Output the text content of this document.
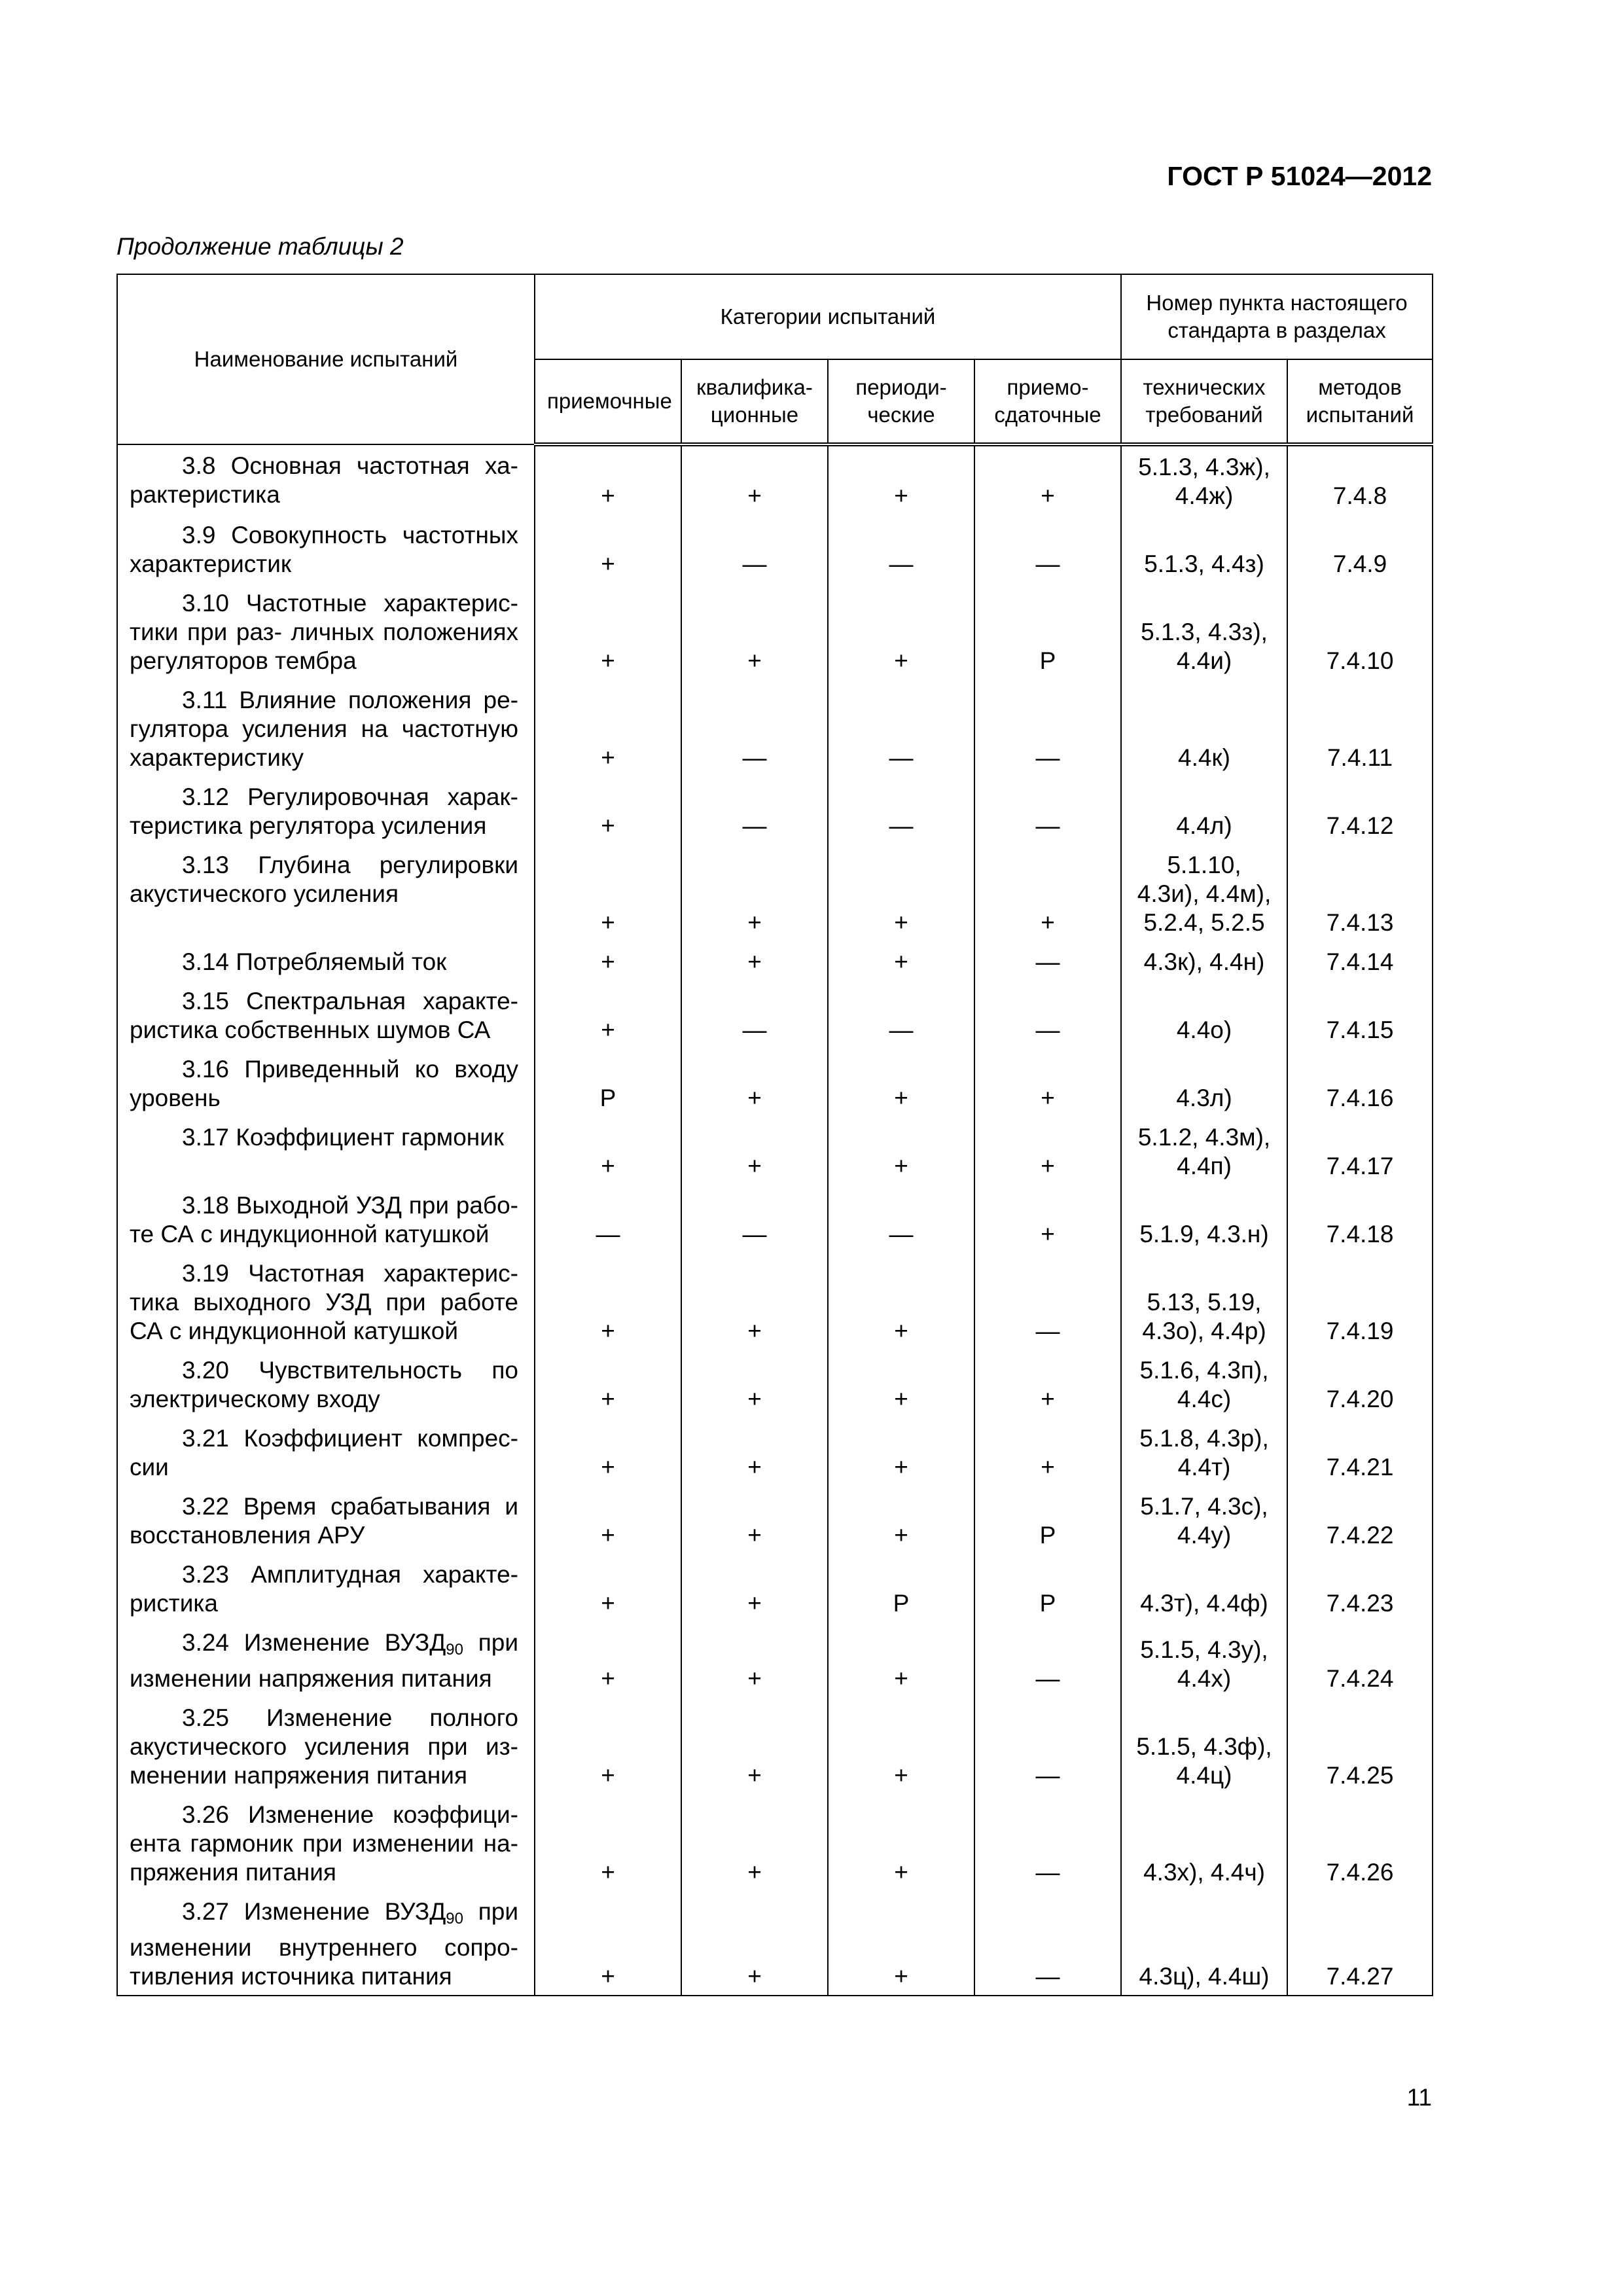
ГОСТ Р 51024—2012
Продолжение таблицы 2
Наименование испытаний	Категории испытаний				Номер пункта настоящего стандарта в разделах	
	приемочные	квалифика-ционные	периоди-ческие	приемо-сдаточные	технических требований	методов испытаний
3.8 Основная частотная ха-рактеристика	+	+	+	+	5.1.3, 4.3ж), 4.4ж)	7.4.8
3.9 Совокупность частотных характеристик	+	—	—	—	5.1.3, 4.4з)	7.4.9
3.10 Частотные характерис-тики при раз- личных положениях регуляторов тембра	+	+	+	Р	5.1.3, 4.3з), 4.4и)	7.4.10
3.11 Влияние положения ре-гулятора усиления на частотную характеристику	+	—	—	—	4.4к)	7.4.11
3.12 Регулировочная харак-теристика регулятора усиления	+	—	—	—	4.4л)	7.4.12
3.13 Глубина регулировки акустического усиления	+	+	+	+	5.1.10, 4.3и), 4.4м), 5.2.4, 5.2.5	7.4.13
3.14 Потребляемый ток	+	+	+	—	4.3к), 4.4н)	7.4.14
3.15 Спектральная характе-ристика собственных шумов СА	+	—	—	—	4.4о)	7.4.15
3.16 Приведенный ко входу уровень	Р	+	+	+	4.3л)	7.4.16
3.17 Коэффициент гармоник	+	+	+	+	5.1.2, 4.3м), 4.4п)	7.4.17
3.18 Выходной УЗД при рабо-те СА с индукционной катушкой	—	—	—	+	5.1.9, 4.3.н)	7.4.18
3.19 Частотная характерис-тика выходного УЗД при работе СА с индукционной катушкой	+	+	+	—	5.13, 5.19, 4.3о), 4.4р)	7.4.19
3.20 Чувствительность по электрическому входу	+	+	+	+	5.1.6, 4.3п), 4.4с)	7.4.20
3.21 Коэффициент компрес-сии	+	+	+	+	5.1.8, 4.3р), 4.4т)	7.4.21
3.22 Время срабатывания и восстановления АРУ	+	+	+	Р	5.1.7, 4.3с), 4.4у)	7.4.22
3.23 Амплитудная характе-ристика	+	+	Р	Р	4.3т), 4.4ф)	7.4.23
3.24 Изменение $ВУЗД_{90}$ при изменении напряжения питания	+	+	+	—	5.1.5, 4.3у), 4.4х)	7.4.24
3.25 Изменение полного акустического усиления при из-менении напряжения питания	+	+	+	—	5.1.5, 4.3ф), 4.4ц)	7.4.25
3.26 Изменение коэффици-ента гармоник при изменении на-пряжения питания	+	+	+	—	4.3х), 4.4ч)	7.4.26
3.27 Изменение $ВУЗД_{90}$ при изменении внутреннего сопро-тивления источника питания	+	+	+	—	4.3ц), 4.4ш)	7.4.27
11
